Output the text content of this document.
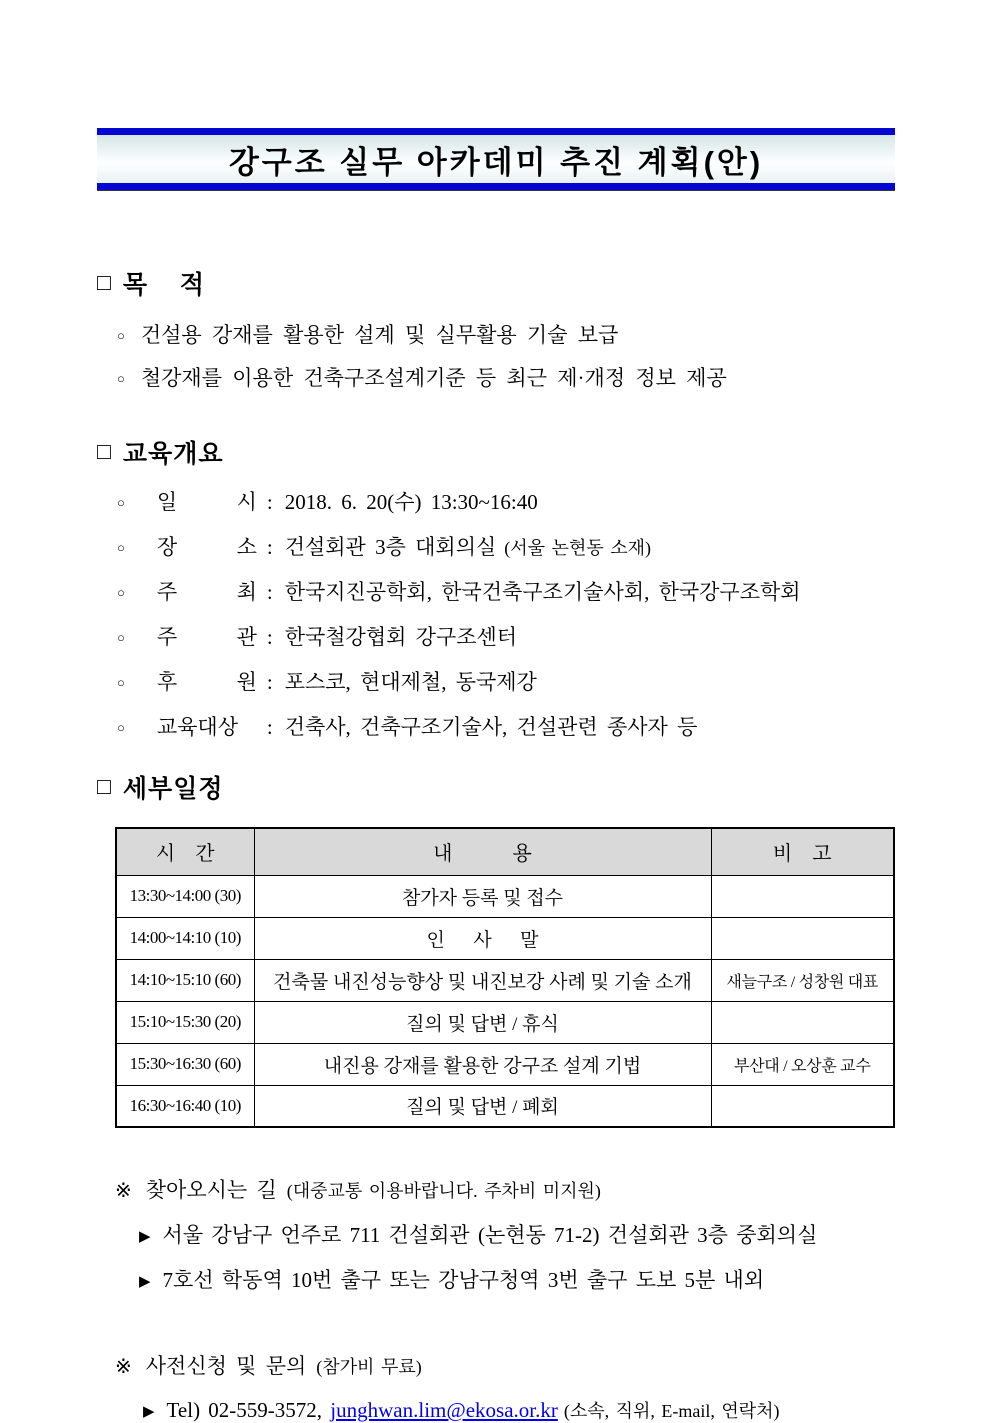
강구조 실무 아카데미 추진 계획(안)
□ 목    적
○ 건설용 강재를 활용한 설계 및 실무활용 기술 보급
○ 철강재를 이용한 건축구조설계기준 등 최근 제·개정 정보 제공
□ 교육개요
○ 일 시 : 2018. 6. 20(수) 13:30~16:40
○ 장 소 : 건설회관 3층 대회의실 (서울 논현동 소재)
○ 주 최 : 한국지진공학회, 한국건축구조기술사회, 한국강구조학회
○ 주 관 : 한국철강협회 강구조센터
○ 후 원 : 포스코, 현대제철, 동국제강
○ 교육대상	: 건축사, 건축구조기술사, 건설관련 종사자 등
□ 세부일정
시    간	내            용	비    고
13:30~14:00 (30)	참가자 등록 및 접수	
14:00~14:10 (10)	인      사      말	
14:10~15:10 (60)	건축물 내진성능향상 및 내진보강 사례 및 기술 소개	새늘구조 / 성창원 대표
15:10~15:30 (20)	질의 및 답변 / 휴식	
15:30~16:30 (60)	내진용 강재를 활용한 강구조 설계 기법	부산대 / 오상훈 교수
16:30~16:40 (10)	질의 및 답변 / 폐회	
※ 찾아오시는 길 (대중교통 이용바랍니다. 주차비 미지원)
▶ 서울 강남구 언주로 711 건설회관 (논현동 71-2) 건설회관 3층 중회의실
▶ 7호선 학동역 10번 출구 또는 강남구청역 3번 출구 도보 5분 내외
※ 사전신청 및 문의 (참가비 무료)
▶ Tel) 02-559-3572,
junghwan.lim@ekosa.or.kr (소속, 직위, E-mail, 연락처)
